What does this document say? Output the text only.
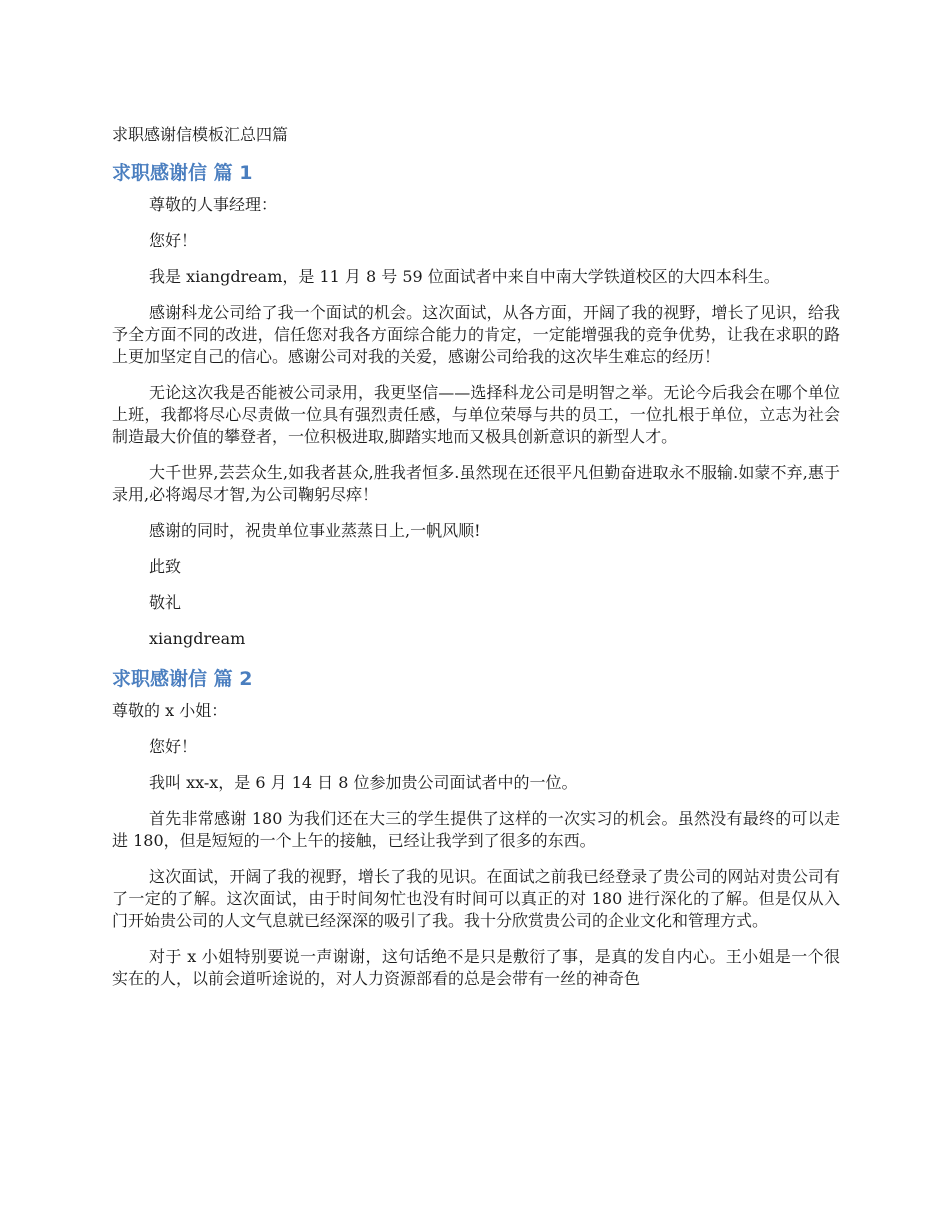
求职感谢信模板汇总四篇
求职感谢信 篇 1

尊敬的人事经理：

您好！

我是 xiangdream，是 11 月 8 号 59 位面试者中来自中南大学铁道校区的大四本科生。

感谢科龙公司给了我一个面试的机会。这次面试，从各方面，开阔了我的视野，增长了见识，给我予全方面不同的改进，信任您对我各方面综合能力的肯定，一定能增强我的竞争优势，让我在求职的路上更加坚定自己的信心。感谢公司对我的关爱，感谢公司给我的这次毕生难忘的经历！

无论这次我是否能被公司录用，我更坚信——选择科龙公司是明智之举。无论今后我会在哪个单位上班，我都将尽心尽责做一位具有强烈责任感，与单位荣辱与共的员工，一位扎根于单位，立志为社会制造最大价值的攀登者，一位积极进取,脚踏实地而又极具创新意识的新型人才。

大千世界,芸芸众生,如我者甚众,胜我者恒多.虽然现在还很平凡但勤奋进取永不服输.如蒙不弃,惠于录用,必将竭尽才智,为公司鞠躬尽瘁！

感谢的同时，祝贵单位事业蒸蒸日上,一帆风顺!

此致

敬礼

xiangdream

求职感谢信 篇 2

尊敬的 x 小姐：

您好！

我叫 xx-x，是 6 月 14 日 8 位参加贵公司面试者中的一位。

首先非常感谢 180 为我们还在大三的学生提供了这样的一次实习的机会。虽然没有最终的可以走进 180，但是短短的一个上午的接触，已经让我学到了很多的东西。

这次面试，开阔了我的视野，增长了我的见识。在面试之前我已经登录了贵公司的网站对贵公司有了一定的了解。这次面试，由于时间匆忙也没有时间可以真正的对 180 进行深化的了解。但是仅从入门开始贵公司的人文气息就已经深深的吸引了我。我十分欣赏贵公司的企业文化和管理方式。

对于 x 小姐特别要说一声谢谢，这句话绝不是只是敷衍了事，是真的发自内心。王小姐是一个很实在的人，以前会道听途说的，对人力资源部看的总是会带有一丝的神奇色
